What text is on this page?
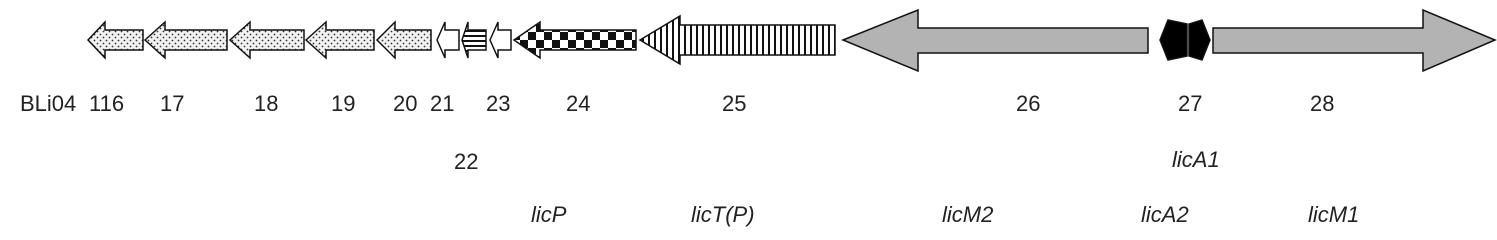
BLi04 116 17	18 19 20 21
22
23	24	25	26	27	28
licA1
licP	licT(P)	licM2	licA2	licM1
